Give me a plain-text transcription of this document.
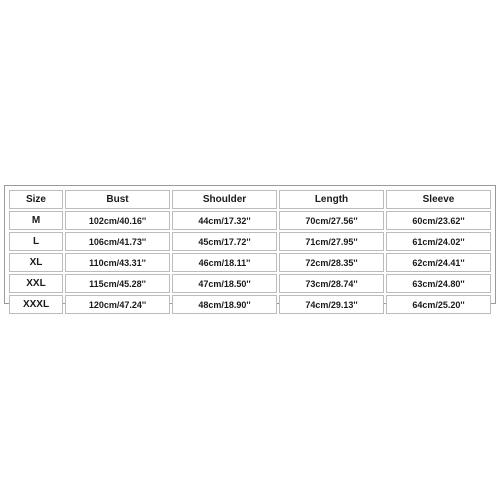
Size	Bust	Shoulder	Length	Sleeve
M	102cm/40.16''	44cm/17.32''	70cm/27.56''	60cm/23.62''
L	106cm/41.73''	45cm/17.72''	71cm/27.95''	61cm/24.02''
XL	110cm/43.31''	46cm/18.11''	72cm/28.35''	62cm/24.41''
XXL	115cm/45.28''	47cm/18.50''	73cm/28.74''	63cm/24.80''
XXXL	120cm/47.24''	48cm/18.90''	74cm/29.13''	64cm/25.20''
